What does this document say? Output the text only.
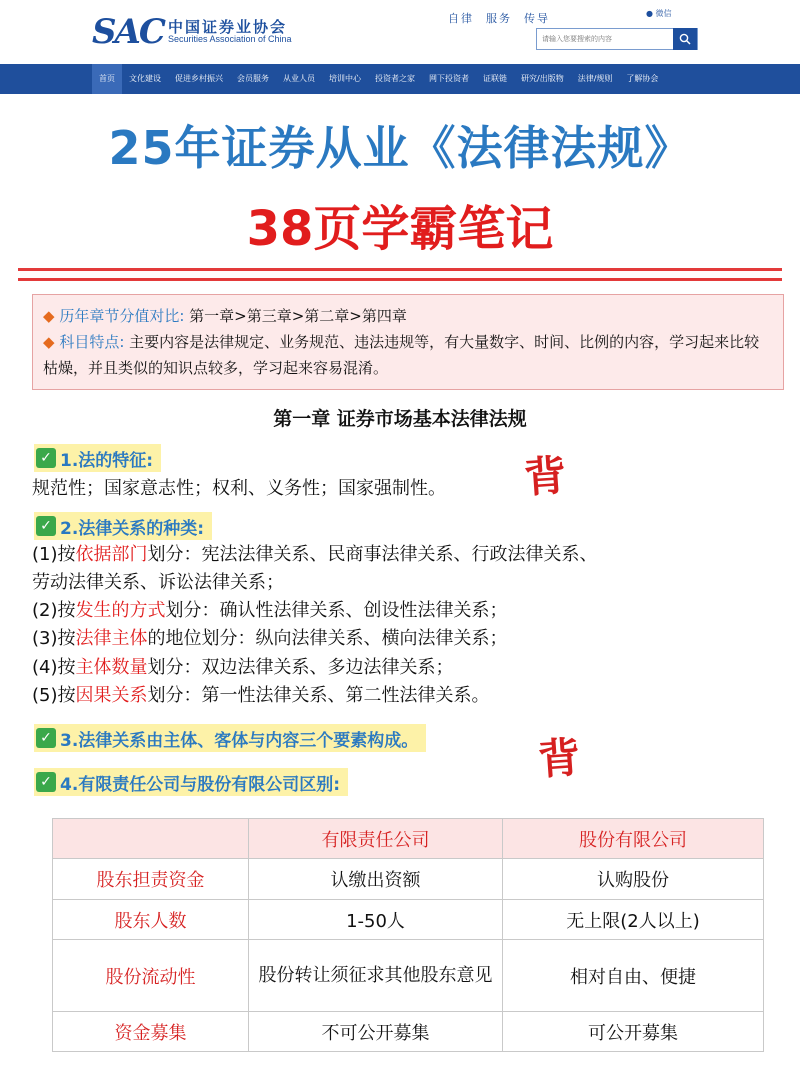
SAC 中国证券业协会
Securities Association of China
自律 服务 传导	● 微信
请输入您要搜索的内容
首页	文化建设	促进乡村振兴	会员服务	从业人员	培训中心	投资者之家	网下投资者	证联链	研究/出版物	法律/规则	了解协会
25年证券从业《法律法规》
38页学霸笔记
◆ 历年章节分值对比: 第一章>第三章>第二章>第四章
◆ 科目特点: 主要内容是法律规定、业务规范、违法违规等，有大量数字、时间、比例的内容，学习起来比较枯燥，并且类似的知识点较多，学习起来容易混淆。
第一章 证券市场基本法律法规
✓ 1.法的特征:
规范性；国家意志性；权利、义务性；国家强制性。 背
✓ 2.法律关系的种类:
(1)按依据部门划分：宪法法律关系、民商事法律关系、行政法律关系、
劳动法律关系、诉讼法律关系；
(2)按发生的方式划分：确认性法律关系、创设性法律关系；
(3)按法律主体的地位划分：纵向法律关系、横向法律关系；
(4)按主体数量划分：双边法律关系、多边法律关系；
(5)按因果关系划分：第一性法律关系、第二性法律关系。
✓ 3.法律关系由主体、客体与内容三个要素构成。	背
✓ 4.有限责任公司与股份有限公司区别:
	有限责任公司	股份有限公司
股东担责资金	认缴出资额	认购股份
股东人数	1-50人	无上限(2人以上)
股份流动性	股份转让须征求其他股东意见	相对自由、便捷
资金募集	不可公开募集	可公开募集
